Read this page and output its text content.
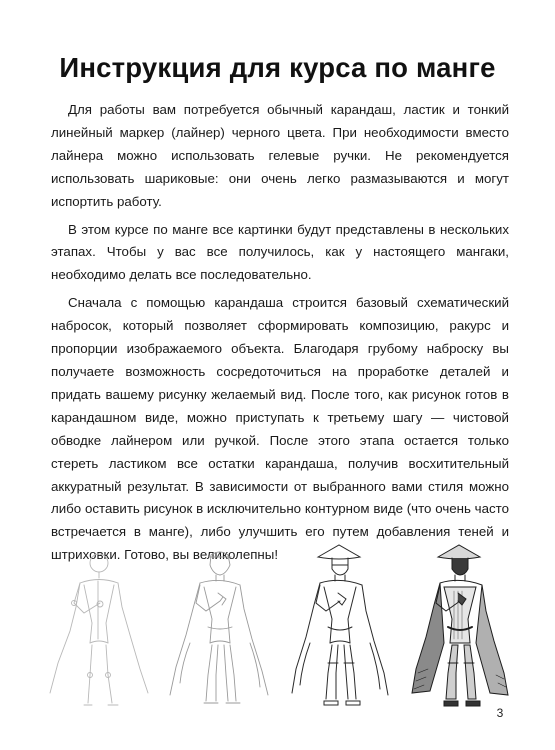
Инструкция для курса по манге

Для работы вам потребуется обычный карандаш, ластик и тонкий линейный маркер (лайнер) черного цвета. При необходимости вместо лайнера можно использовать гелевые ручки. Не рекомендуется использовать шариковые: они очень легко размазываются и могут испортить работу.

В этом курсе по манге все картинки будут представлены в нескольких этапах. Чтобы у вас все получилось, как у настоящего мангаки, необходимо делать все последовательно.

Сначала с помощью карандаша строится базовый схематический набросок, который позволяет сформировать композицию, ракурс и пропорции изображаемого объекта. Благодаря грубому наброску вы получаете возможность сосредоточиться на проработке деталей и придать вашему рисунку желаемый вид. После того, как рисунок готов в карандашном виде, можно приступать к третьему шагу — чистовой обводке лайнером или ручкой. После этого этапа остается только стереть ластиком все остатки карандаша, получив восхитительный аккуратный результат. В зависимости от выбранного вами стиля можно либо оставить рисунок в исключительно контурном виде (что очень часто встречается в манге), либо улучшить его путем добавления теней и штриховки. Готово, вы великолепны!

3
